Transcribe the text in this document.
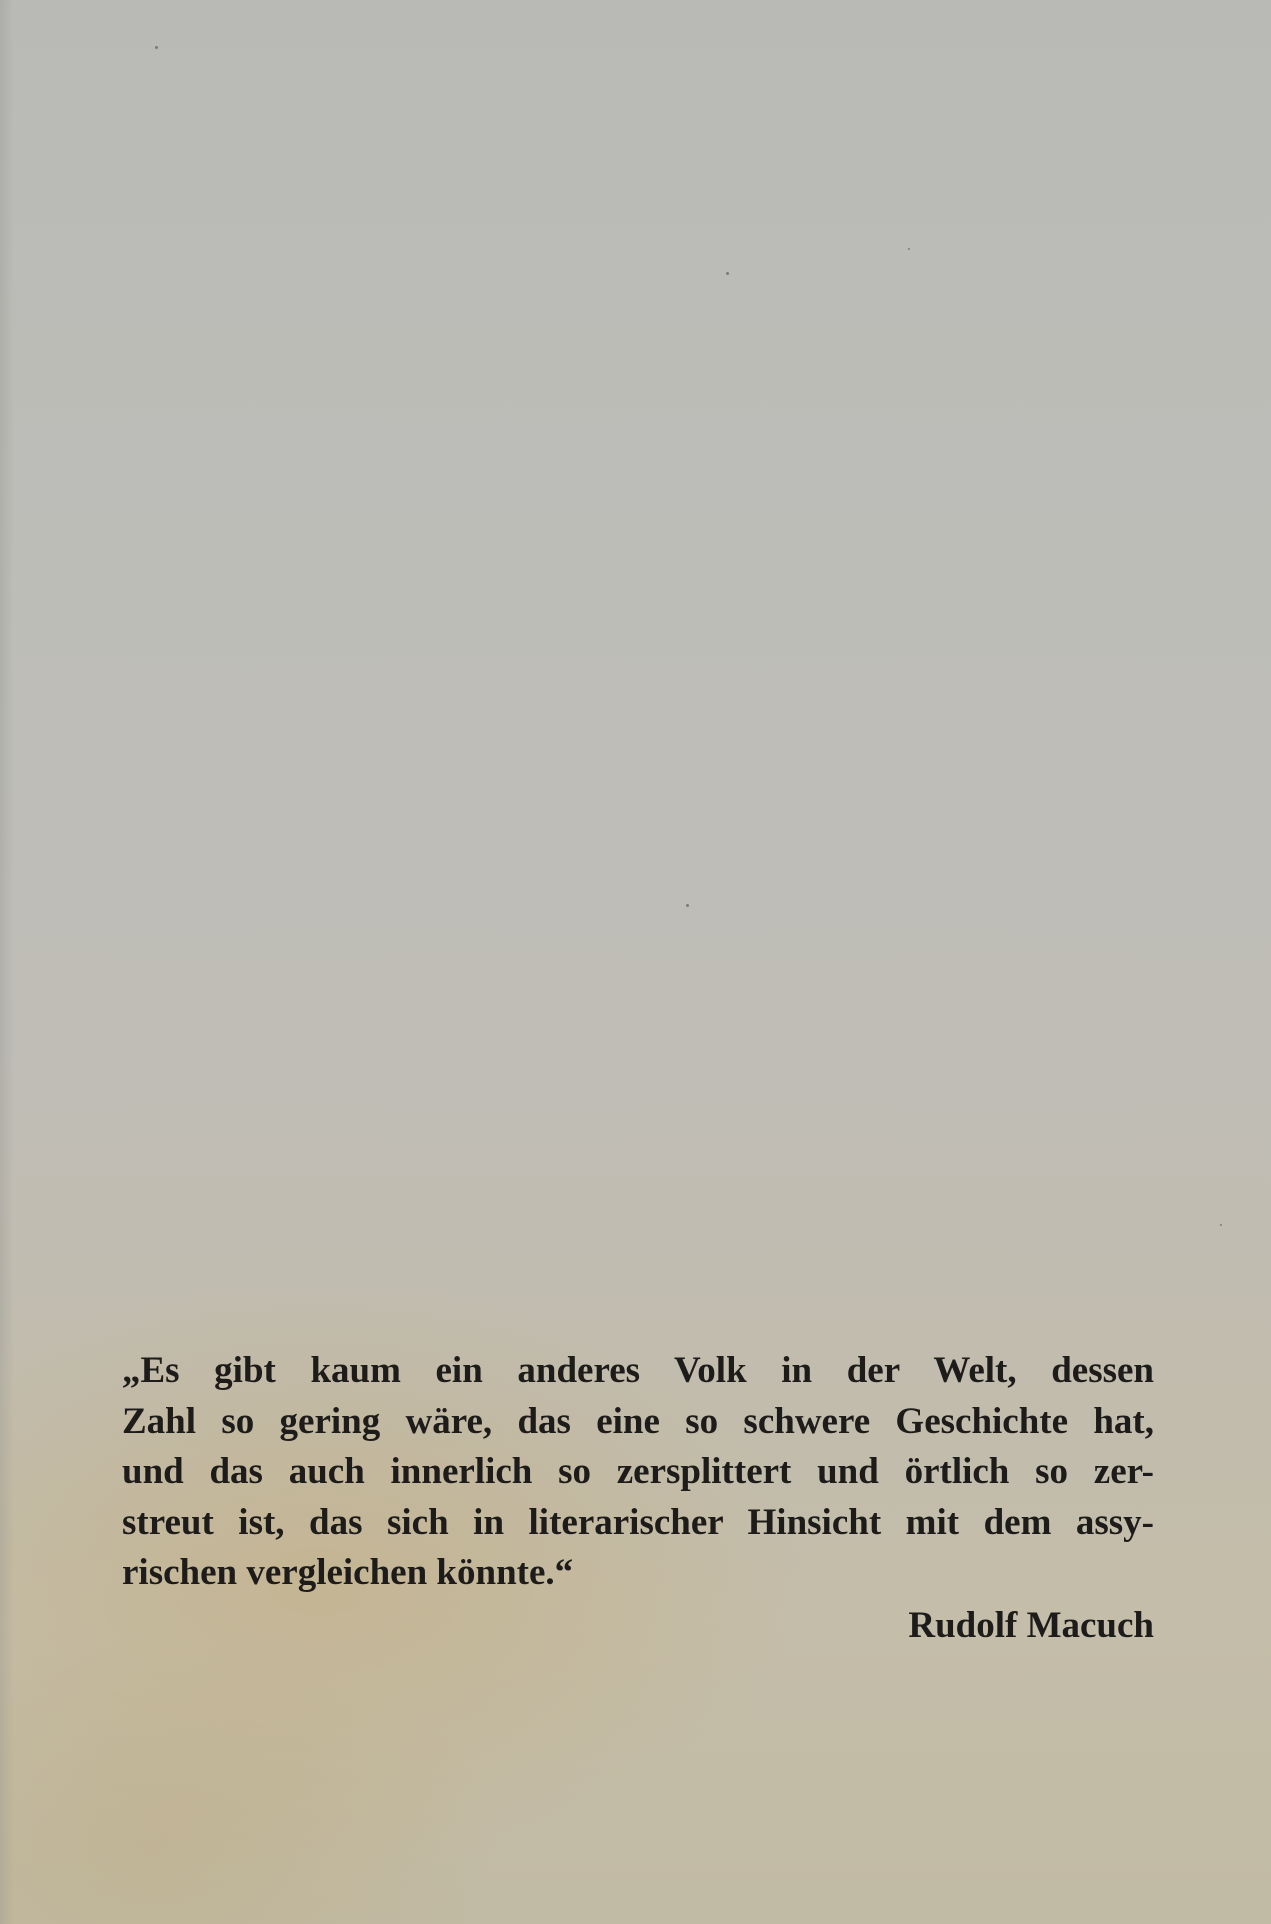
„Es gibt kaum ein anderes Volk in der Welt, dessen
Zahl so gering wäre, das eine so schwere Geschichte hat,
und das auch innerlich so zersplittert und örtlich so zer-
streut ist, das sich in literarischer Hinsicht mit dem assy-
rischen vergleichen könnte.“
Rudolf Macuch
